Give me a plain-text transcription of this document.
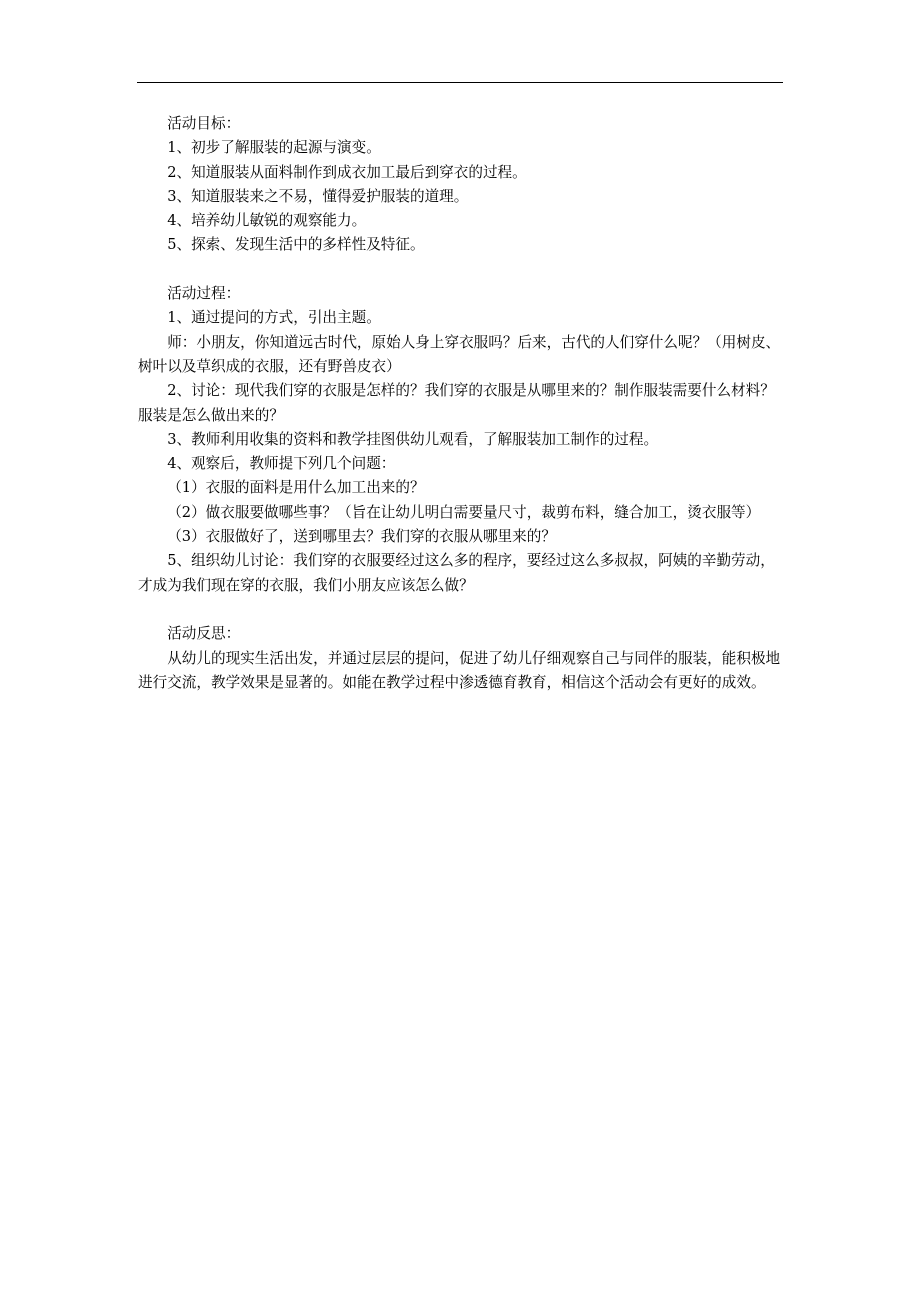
活动目标：

1、初步了解服装的起源与演变。

2、知道服装从面料制作到成衣加工最后到穿衣的过程。

3、知道服装来之不易，懂得爱护服装的道理。

4、培养幼儿敏锐的观察能力。

5、探索、发现生活中的多样性及特征。

活动过程：

1、通过提问的方式，引出主题。

师：小朋友，你知道远古时代，原始人身上穿衣服吗？后来，古代的人们穿什么呢？（用树皮、树叶以及草织成的衣服，还有野兽皮衣）

2、讨论：现代我们穿的衣服是怎样的？我们穿的衣服是从哪里来的？制作服装需要什么材料？服装是怎么做出来的？

3、教师利用收集的资料和教学挂图供幼儿观看，了解服装加工制作的过程。

4、观察后，教师提下列几个问题：

（1）衣服的面料是用什么加工出来的？

（2）做衣服要做哪些事？（旨在让幼儿明白需要量尺寸，裁剪布料，缝合加工，烫衣服等）

（3）衣服做好了，送到哪里去？我们穿的衣服从哪里来的？

5、组织幼儿讨论：我们穿的衣服要经过这么多的程序，要经过这么多叔叔，阿姨的辛勤劳动，才成为我们现在穿的衣服，我们小朋友应该怎么做？

活动反思：

从幼儿的现实生活出发，并通过层层的提问，促进了幼儿仔细观察自己与同伴的服装，能积极地进行交流，教学效果是显著的。如能在教学过程中渗透德育教育，相信这个活动会有更好的成效。
